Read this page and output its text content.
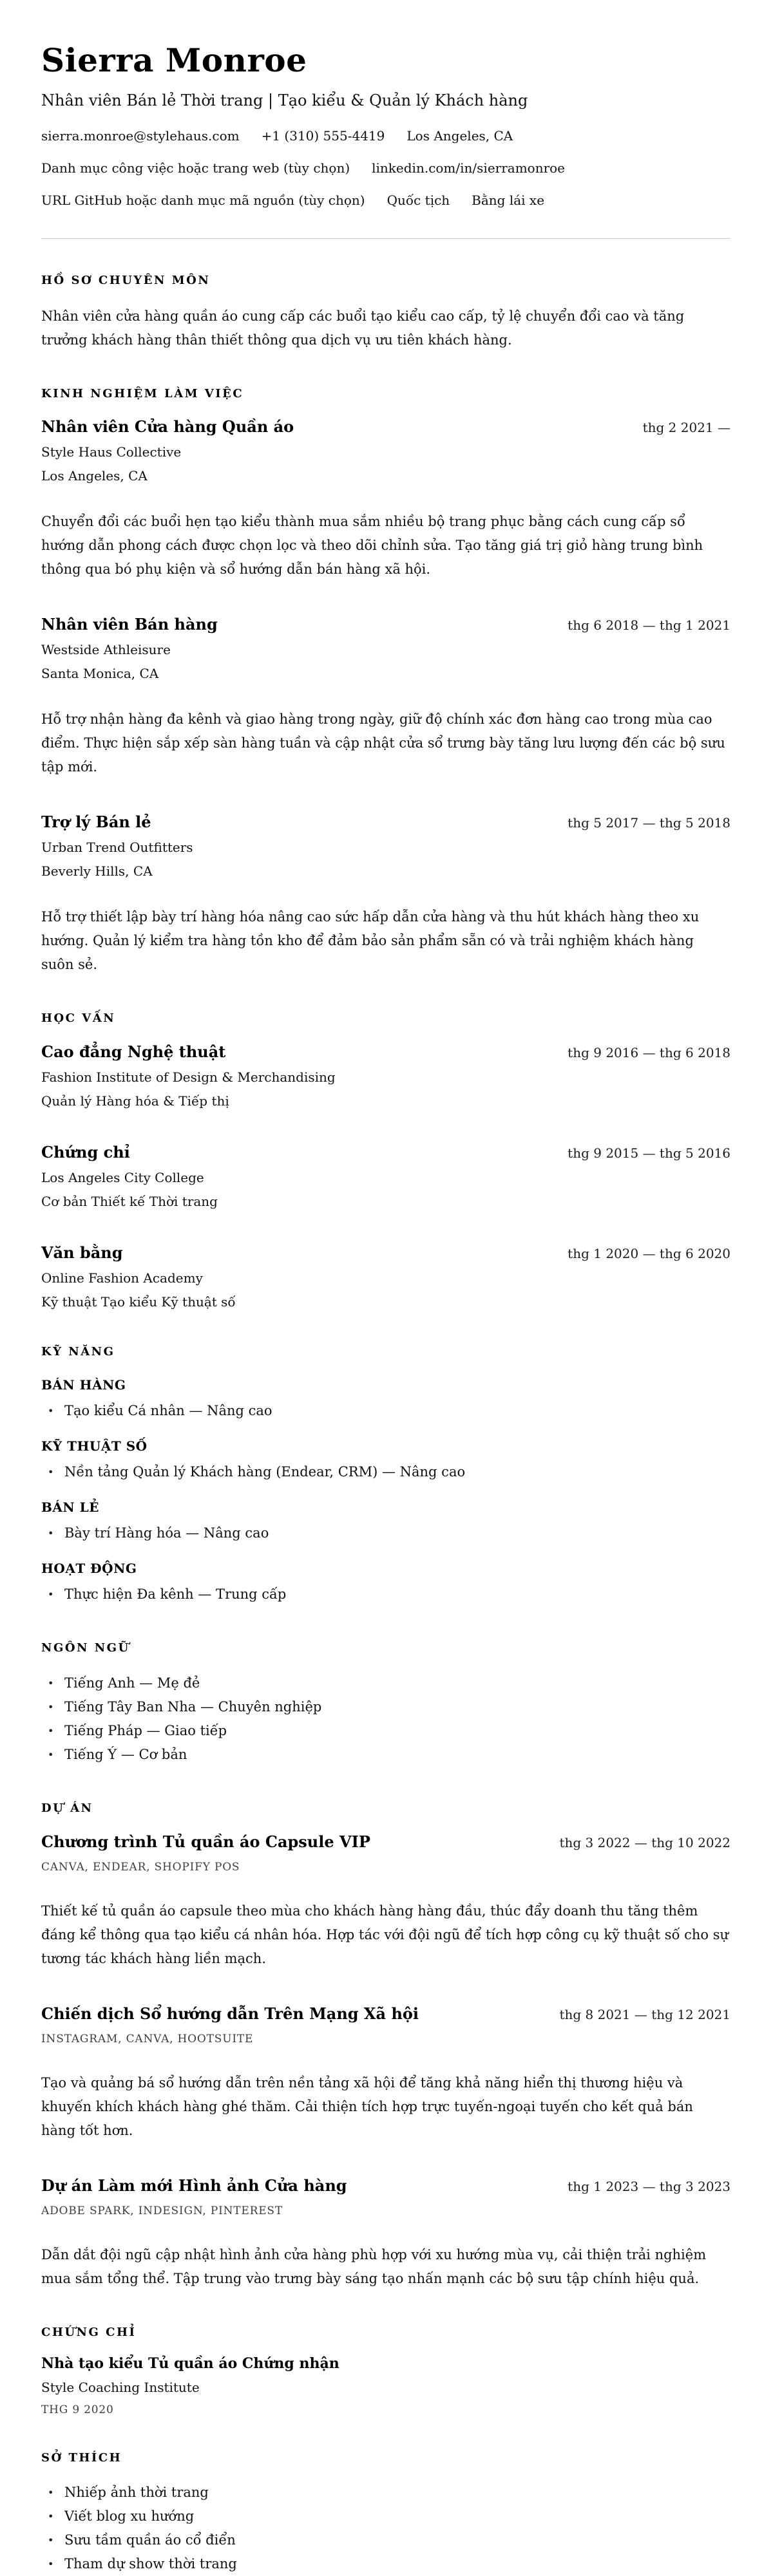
Sierra Monroe
Nhân viên Bán lẻ Thời trang | Tạo kiểu & Quản lý Khách hàng
sierra.monroe@stylehaus.com +1 (310) 555-4419 Los Angeles, CA
Danh mục công việc hoặc trang web (tùy chọn) linkedin.com/in/sierramonroe
URL GitHub hoặc danh mục mã nguồn (tùy chọn) Quốc tịch Bằng lái xe
HỒ SƠ CHUYÊN MÔN

Nhân viên cửa hàng quần áo cung cấp các buổi tạo kiểu cao cấp, tỷ lệ chuyển đổi cao và tăng trưởng khách hàng thân thiết thông qua dịch vụ ưu tiên khách hàng.

KINH NGHIỆM LÀM VIỆC
Nhân viên Cửa hàng Quần áo	thg 2 2021 —
Style Haus Collective
Los Angeles, CA

Chuyển đổi các buổi hẹn tạo kiểu thành mua sắm nhiều bộ trang phục bằng cách cung cấp sổ hướng dẫn phong cách được chọn lọc và theo dõi chỉnh sửa. Tạo tăng giá trị giỏ hàng trung bình thông qua bó phụ kiện và sổ hướng dẫn bán hàng xã hội.

Nhân viên Bán hàng	thg 6 2018 — thg 1 2021
Westside Athleisure
Santa Monica, CA

Hỗ trợ nhận hàng đa kênh và giao hàng trong ngày, giữ độ chính xác đơn hàng cao trong mùa cao điểm. Thực hiện sắp xếp sàn hàng tuần và cập nhật cửa sổ trưng bày tăng lưu lượng đến các bộ sưu tập mới.

Trợ lý Bán lẻ	thg 5 2017 — thg 5 2018
Urban Trend Outfitters
Beverly Hills, CA

Hỗ trợ thiết lập bày trí hàng hóa nâng cao sức hấp dẫn cửa hàng và thu hút khách hàng theo xu hướng. Quản lý kiểm tra hàng tồn kho để đảm bảo sản phẩm sẵn có và trải nghiệm khách hàng suôn sẻ.

HỌC VẤN
Cao đẳng Nghệ thuật	thg 9 2016 — thg 6 2018
Fashion Institute of Design & Merchandising
Quản lý Hàng hóa & Tiếp thị
Chứng chỉ	thg 9 2015 — thg 5 2016
Los Angeles City College
Cơ bản Thiết kế Thời trang
Văn bằng	thg 1 2020 — thg 6 2020
Online Fashion Academy
Kỹ thuật Tạo kiểu Kỹ thuật số
KỸ NĂNG
BÁN HÀNG
• Tạo kiểu Cá nhân — Nâng cao
KỸ THUẬT SỐ
• Nền tảng Quản lý Khách hàng (Endear, CRM) — Nâng cao
BÁN LẺ
• Bày trí Hàng hóa — Nâng cao
HOẠT ĐỘNG
• Thực hiện Đa kênh — Trung cấp
NGÔN NGỮ
• Tiếng Anh — Mẹ đẻ
• Tiếng Tây Ban Nha — Chuyên nghiệp
• Tiếng Pháp — Giao tiếp
• Tiếng Ý — Cơ bản
DỰ ÁN
Chương trình Tủ quần áo Capsule VIP	thg 3 2022 — thg 10 2022
CANVA, ENDEAR, SHOPIFY POS

Thiết kế tủ quần áo capsule theo mùa cho khách hàng hàng đầu, thúc đẩy doanh thu tăng thêm đáng kể thông qua tạo kiểu cá nhân hóa. Hợp tác với đội ngũ để tích hợp công cụ kỹ thuật số cho sự tương tác khách hàng liền mạch.

Chiến dịch Sổ hướng dẫn Trên Mạng Xã hội	thg 8 2021 — thg 12 2021
INSTAGRAM, CANVA, HOOTSUITE

Tạo và quảng bá sổ hướng dẫn trên nền tảng xã hội để tăng khả năng hiển thị thương hiệu và khuyến khích khách hàng ghé thăm. Cải thiện tích hợp trực tuyến-ngoại tuyến cho kết quả bán hàng tốt hơn.

Dự án Làm mới Hình ảnh Cửa hàng	thg 1 2023 — thg 3 2023
ADOBE SPARK, INDESIGN, PINTEREST

Dẫn dắt đội ngũ cập nhật hình ảnh cửa hàng phù hợp với xu hướng mùa vụ, cải thiện trải nghiệm mua sắm tổng thể. Tập trung vào trưng bày sáng tạo nhấn mạnh các bộ sưu tập chính hiệu quả.

CHỨNG CHỈ
Nhà tạo kiểu Tủ quần áo Chứng nhận
Style Coaching Institute
THG 9 2020
SỞ THÍCH
• Nhiếp ảnh thời trang
• Viết blog xu hướng
• Sưu tầm quần áo cổ điển
• Tham dự show thời trang
